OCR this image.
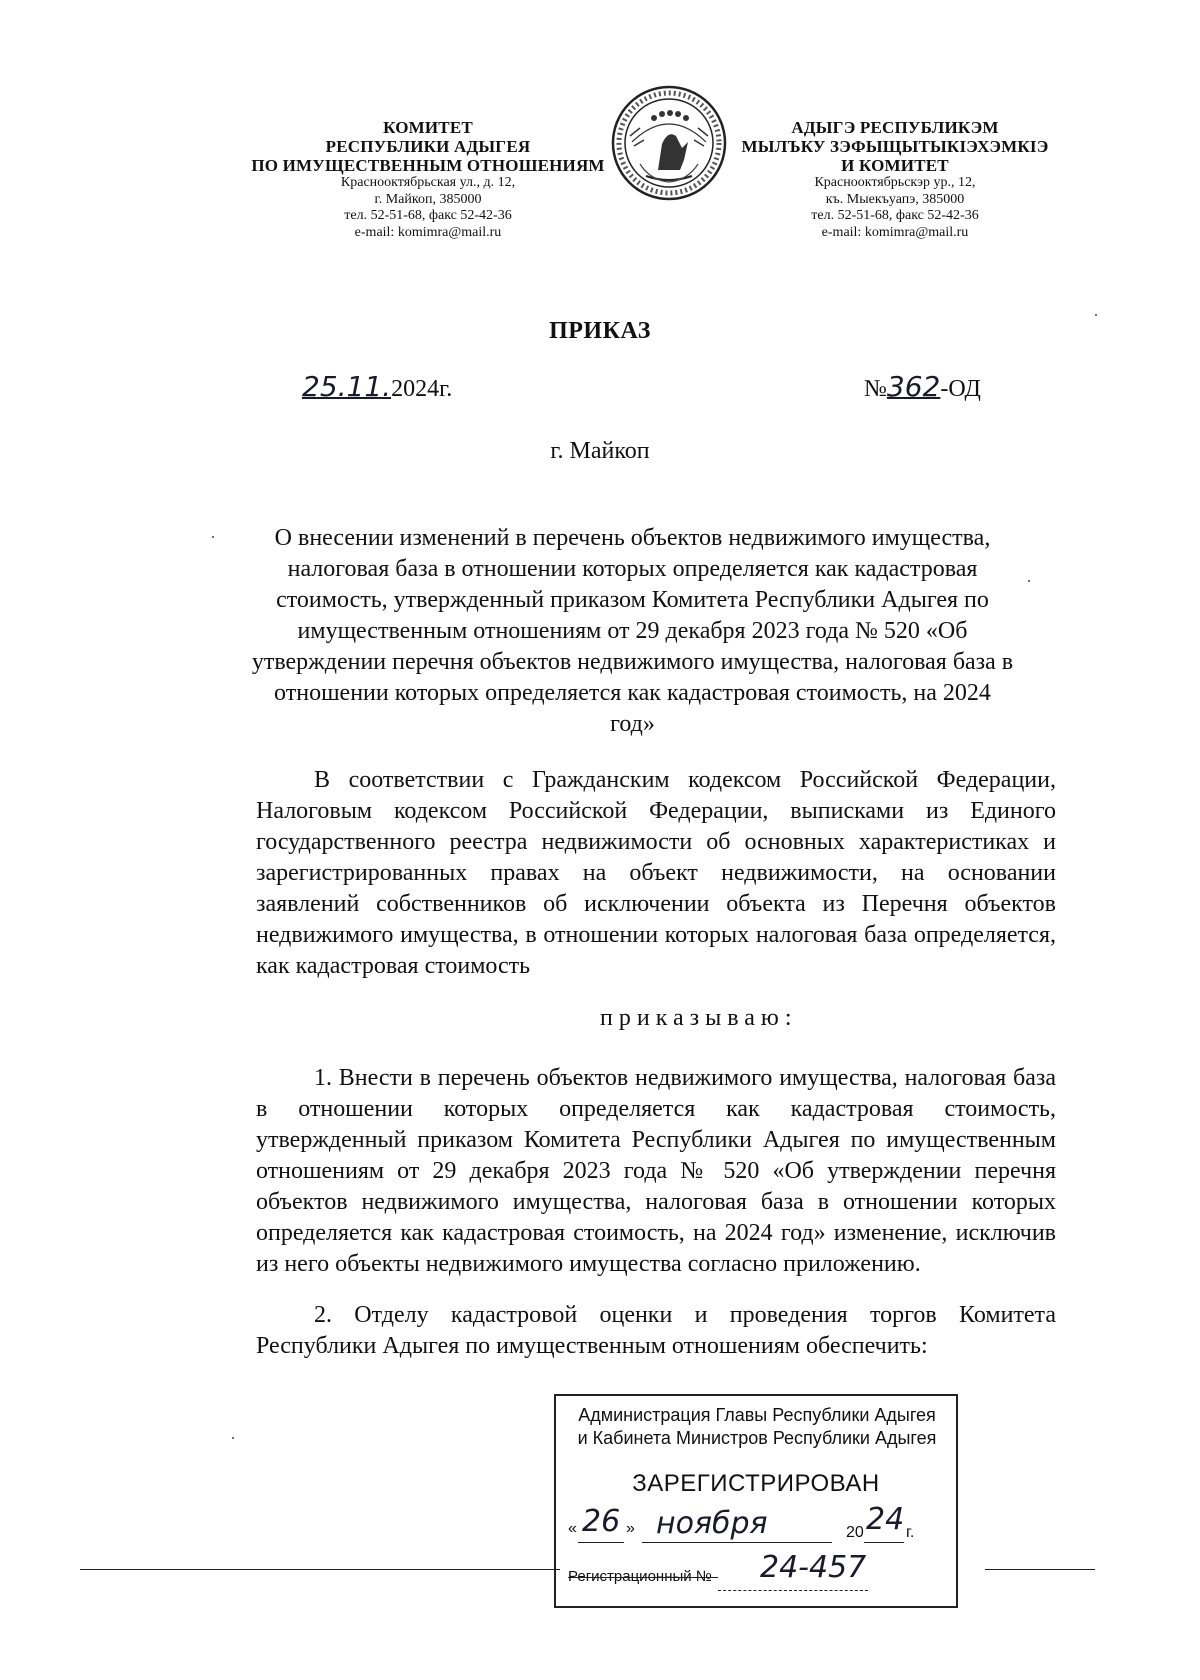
КОМИТЕТ
РЕСПУБЛИКИ АДЫГЕЯ
ПО ИМУЩЕСТВЕННЫМ ОТНОШЕНИЯМ
Краснооктябрьская ул., д. 12,
г. Майкоп, 385000
тел. 52-51-68, факс 52-42-36
e-mail: komimra@mail.ru
АДЫГЭ РЕСПУБЛИКЭМ
МЫЛЪКУ ЗЭФЫЩЫТЫКIЭХЭМКIЭ
И КОМИТЕТ
Краснооктябрьскэр ур., 12,
къ. Мыекъуапэ, 385000
тел. 52-51-68, факс 52-42-36
e-mail: komimra@mail.ru
ПРИКАЗ
25.11.2024г.	№362-ОД
г. Майкоп
О внесении изменений в перечень объектов недвижимого имущества, налоговая база в отношении которых определяется как кадастровая стоимость, утвержденный приказом Комитета Республики Адыгея по имущественным отношениям от 29 декабря 2023 года № 520 «Об утверждении перечня объектов недвижимого имущества, налоговая база в отношении которых определяется как кадастровая стоимость, на 2024 год»
В соответствии с Гражданским кодексом Российской Федерации, Налоговым кодексом Российской Федерации, выписками из Единого государственного реестра недвижимости об основных характеристиках и зарегистрированных правах на объект недвижимости, на основании заявлений собственников об исключении объекта из Перечня объектов недвижимого имущества, в отношении которых налоговая база определяется, как кадастровая стоимость
приказываю:
1. Внести в перечень объектов недвижимого имущества, налоговая база в отношении которых определяется как кадастровая стоимость, утвержденный приказом Комитета Республики Адыгея по имущественным отношениям от 29 декабря 2023 года № 520 «Об утверждении перечня объектов недвижимого имущества, налоговая база в отношении которых определяется как кадастровая стоимость, на 2024 год» изменение, исключив из него объекты недвижимого имущества согласно приложению.
2. Отделу кадастровой оценки и проведения торгов Комитета Республики Адыгея по имущественным отношениям обеспечить:
Администрация Главы Республики Адыгея
и Кабинета Министров Республики Адыгея
ЗАРЕГИСТРИРОВАН
« 26 » ноября	20 24 г.
Регистрационный № 24-457
